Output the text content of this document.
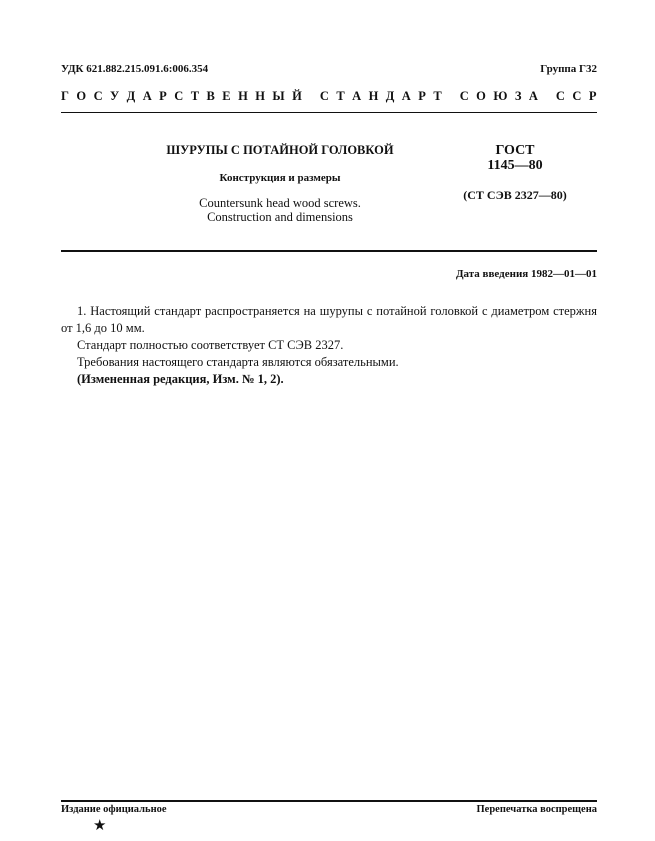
УДК 621.882.215.091.6:006.354	Группа Г32
Г О С У Д А Р С Т В Е Н Н Ы Й
С Т А Н Д А Р Т
С О Ю З А
С С Р
ШУРУПЫ С ПОТАЙНОЙ ГОЛОВКОЙ
Конструкция и размеры
Countersunk head wood screws.
Construction and dimensions
ГОСТ
1145—80
(СТ СЭВ 2327—80)
Дата введения 1982—01—01

1. Настоящий стандарт распространяется на шурупы с потайной головкой с диаметром стержня от 1,6 до 10 мм.

Стандарт полностью соответствует СТ СЭВ 2327.

Требования настоящего стандарта являются обязательными.

(Измененная редакция, Изм. № 1, 2).

Издание официальное	Перепечатка воспрещена
★
